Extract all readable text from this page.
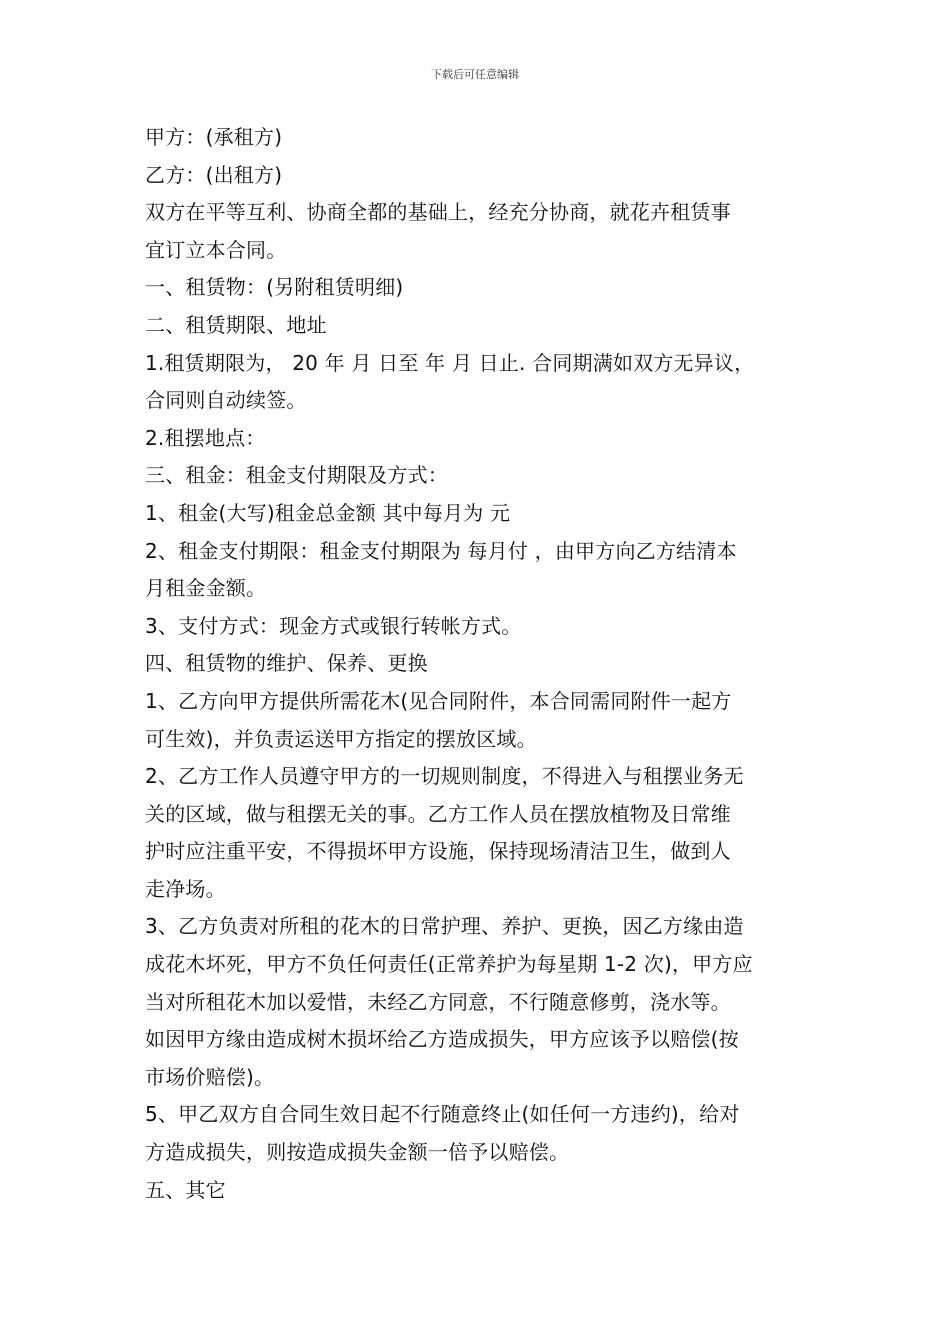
下载后可任意编辑
甲方：(承租方)
乙方：(出租方)
双方在平等互利、协商全都的基础上，经充分协商，就花卉租赁事
宜订立本合同。
一、租赁物：(另附租赁明细)
二、租赁期限、地址
1.租赁期限为， 20 年 月 日至 年 月 日止. 合同期满如双方无异议，
合同则自动续签。
2.租摆地点：
三、租金：租金支付期限及方式：
1、租金(大写)租金总金额 其中每月为 元
2、租金支付期限：租金支付期限为 每月付 ，由甲方向乙方结清本
月租金金额。
3、支付方式：现金方式或银行转帐方式。
四、租赁物的维护、保养、更换
1、乙方向甲方提供所需花木(见合同附件，本合同需同附件一起方
可生效)，并负责运送甲方指定的摆放区域。
2、乙方工作人员遵守甲方的一切规则制度，不得进入与租摆业务无
关的区域，做与租摆无关的事。乙方工作人员在摆放植物及日常维
护时应注重平安，不得损坏甲方设施，保持现场清洁卫生，做到人
走净场。
3、乙方负责对所租的花木的日常护理、养护、更换，因乙方缘由造
成花木坏死，甲方不负任何责任(正常养护为每星期 1-2 次)，甲方应
当对所租花木加以爱惜，未经乙方同意，不行随意修剪，浇水等。
如因甲方缘由造成树木损坏给乙方造成损失，甲方应该予以赔偿(按
市场价赔偿)。
5、甲乙双方自合同生效日起不行随意终止(如任何一方违约)，给对
方造成损失，则按造成损失金额一倍予以赔偿。
五、其它
